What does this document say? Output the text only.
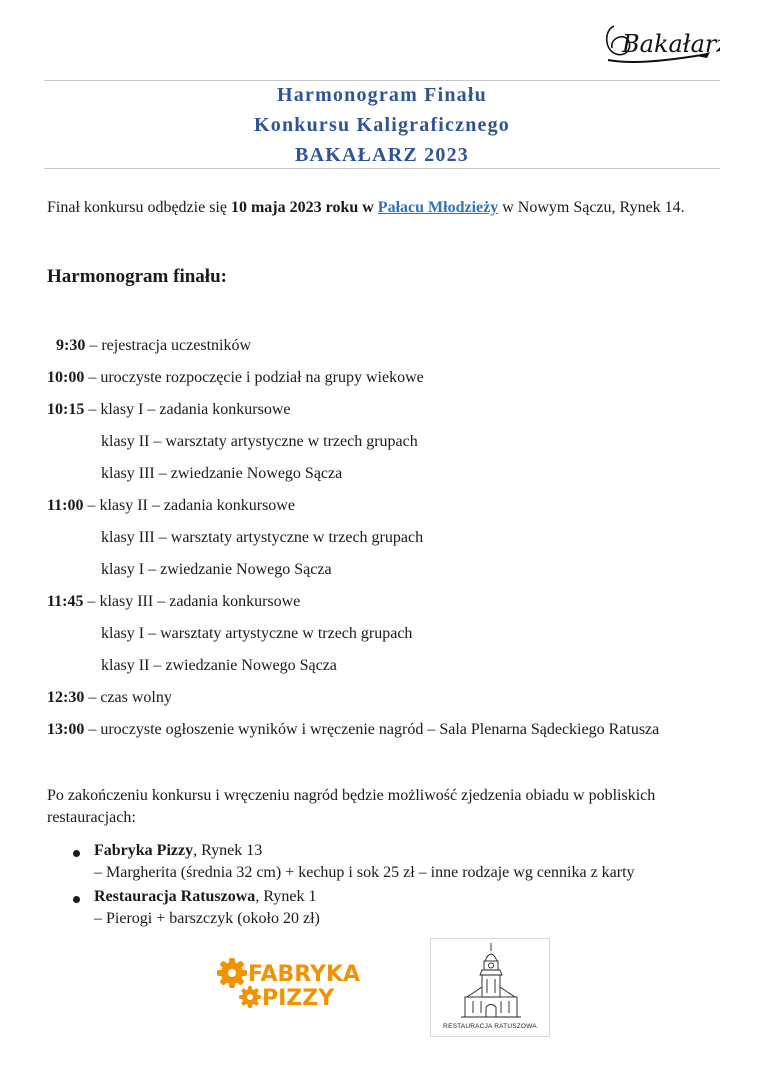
Bakałarz
Harmonogram Finału
Konkursu Kaligraficznego
BAKAŁARZ 2023
Finał konkursu odbędzie się 10 maja 2023 roku w Pałacu Młodzieży w Nowym Sączu, Rynek 14.
Harmonogram finału:
9:30 – rejestracja uczestników
10:00 – uroczyste rozpoczęcie i podział na grupy wiekowe
10:15 – klasy I – zadania konkursowe
klasy II – warsztaty artystyczne w trzech grupach
klasy III – zwiedzanie Nowego Sącza
11:00 – klasy II – zadania konkursowe
klasy III – warsztaty artystyczne w trzech grupach
klasy I – zwiedzanie Nowego Sącza
11:45 – klasy III – zadania konkursowe
klasy I – warsztaty artystyczne w trzech grupach
klasy II – zwiedzanie Nowego Sącza
12:30 – czas wolny
13:00 – uroczyste ogłoszenie wyników i wręczenie nagród – Sala Plenarna Sądeckiego Ratusza
Po zakończeniu konkursu i wręczeniu nagród będzie możliwość zjedzenia obiadu w pobliskich restauracjach:
Fabryka Pizzy, Rynek 13
– Margherita (średnia 32 cm) + kechup i sok 25 zł – inne rodzaje wg cennika z karty
Restauracja Ratuszowa, Rynek 1
– Pierogi + barszczyk (około 20 zł)
FABRYKA
PIZZY
RESTAURACJA RATUSZOWA
